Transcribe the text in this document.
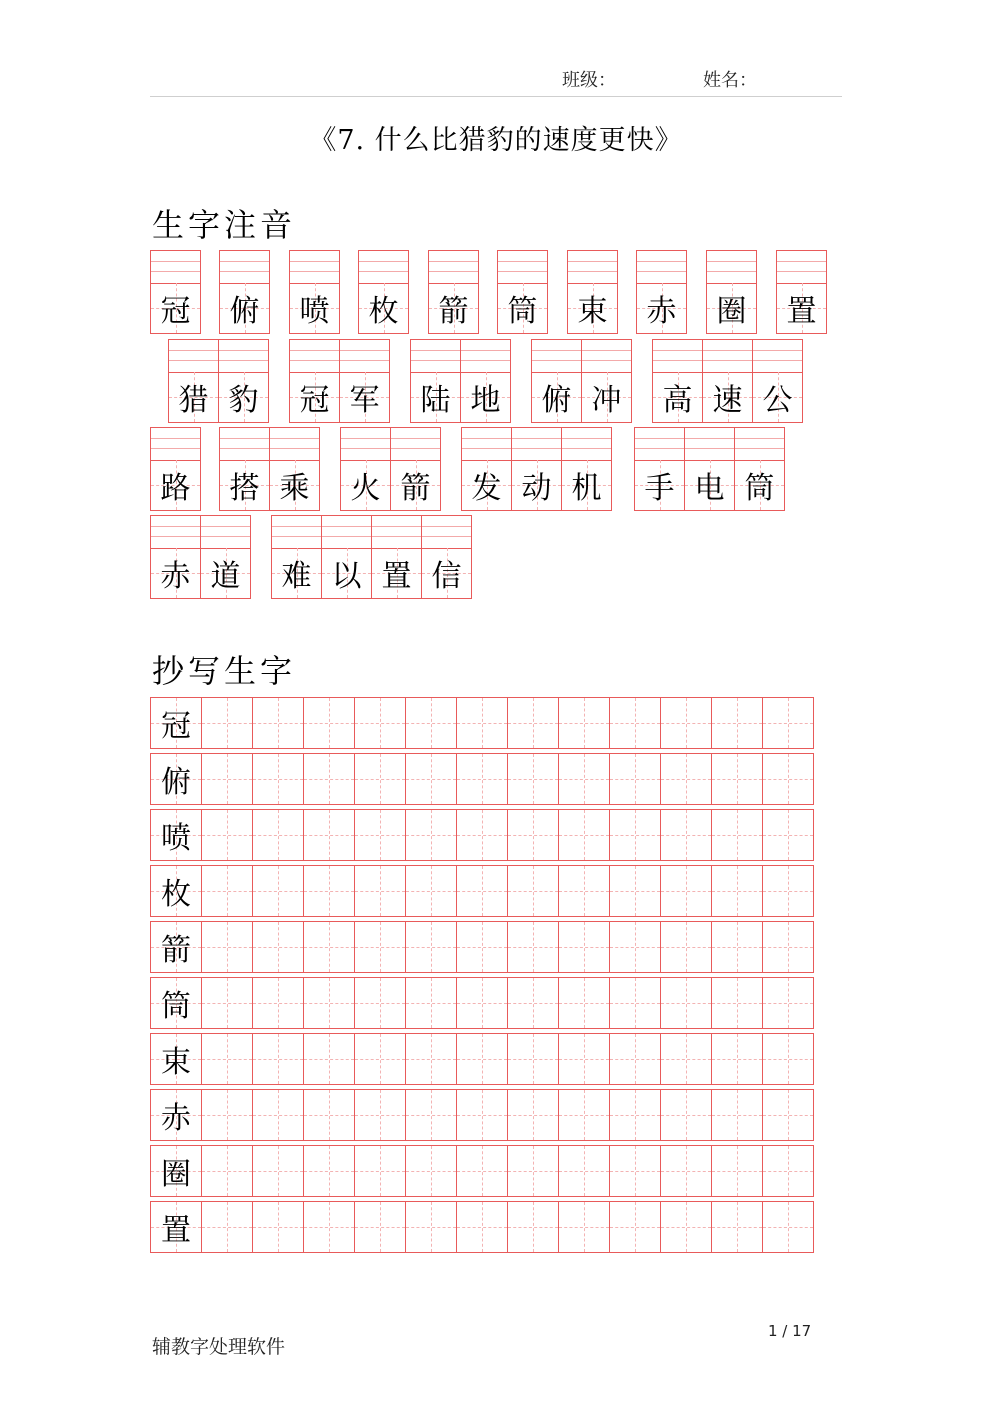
班级：	姓名：
《7. 什么比猎豹的速度更快》
生字注音
冠 俯 喷 枚 箭 筒 束 赤 圈 置
猎 豹 冠 军 陆 地 俯 冲 高 速 公
路 搭 乘 火 箭 发 动 机 手 电 筒
赤 道 难 以 置 信
抄写生字
冠
俯
喷
枚
箭
筒
束
赤
圈
置
辅教字处理软件
1 / 17
